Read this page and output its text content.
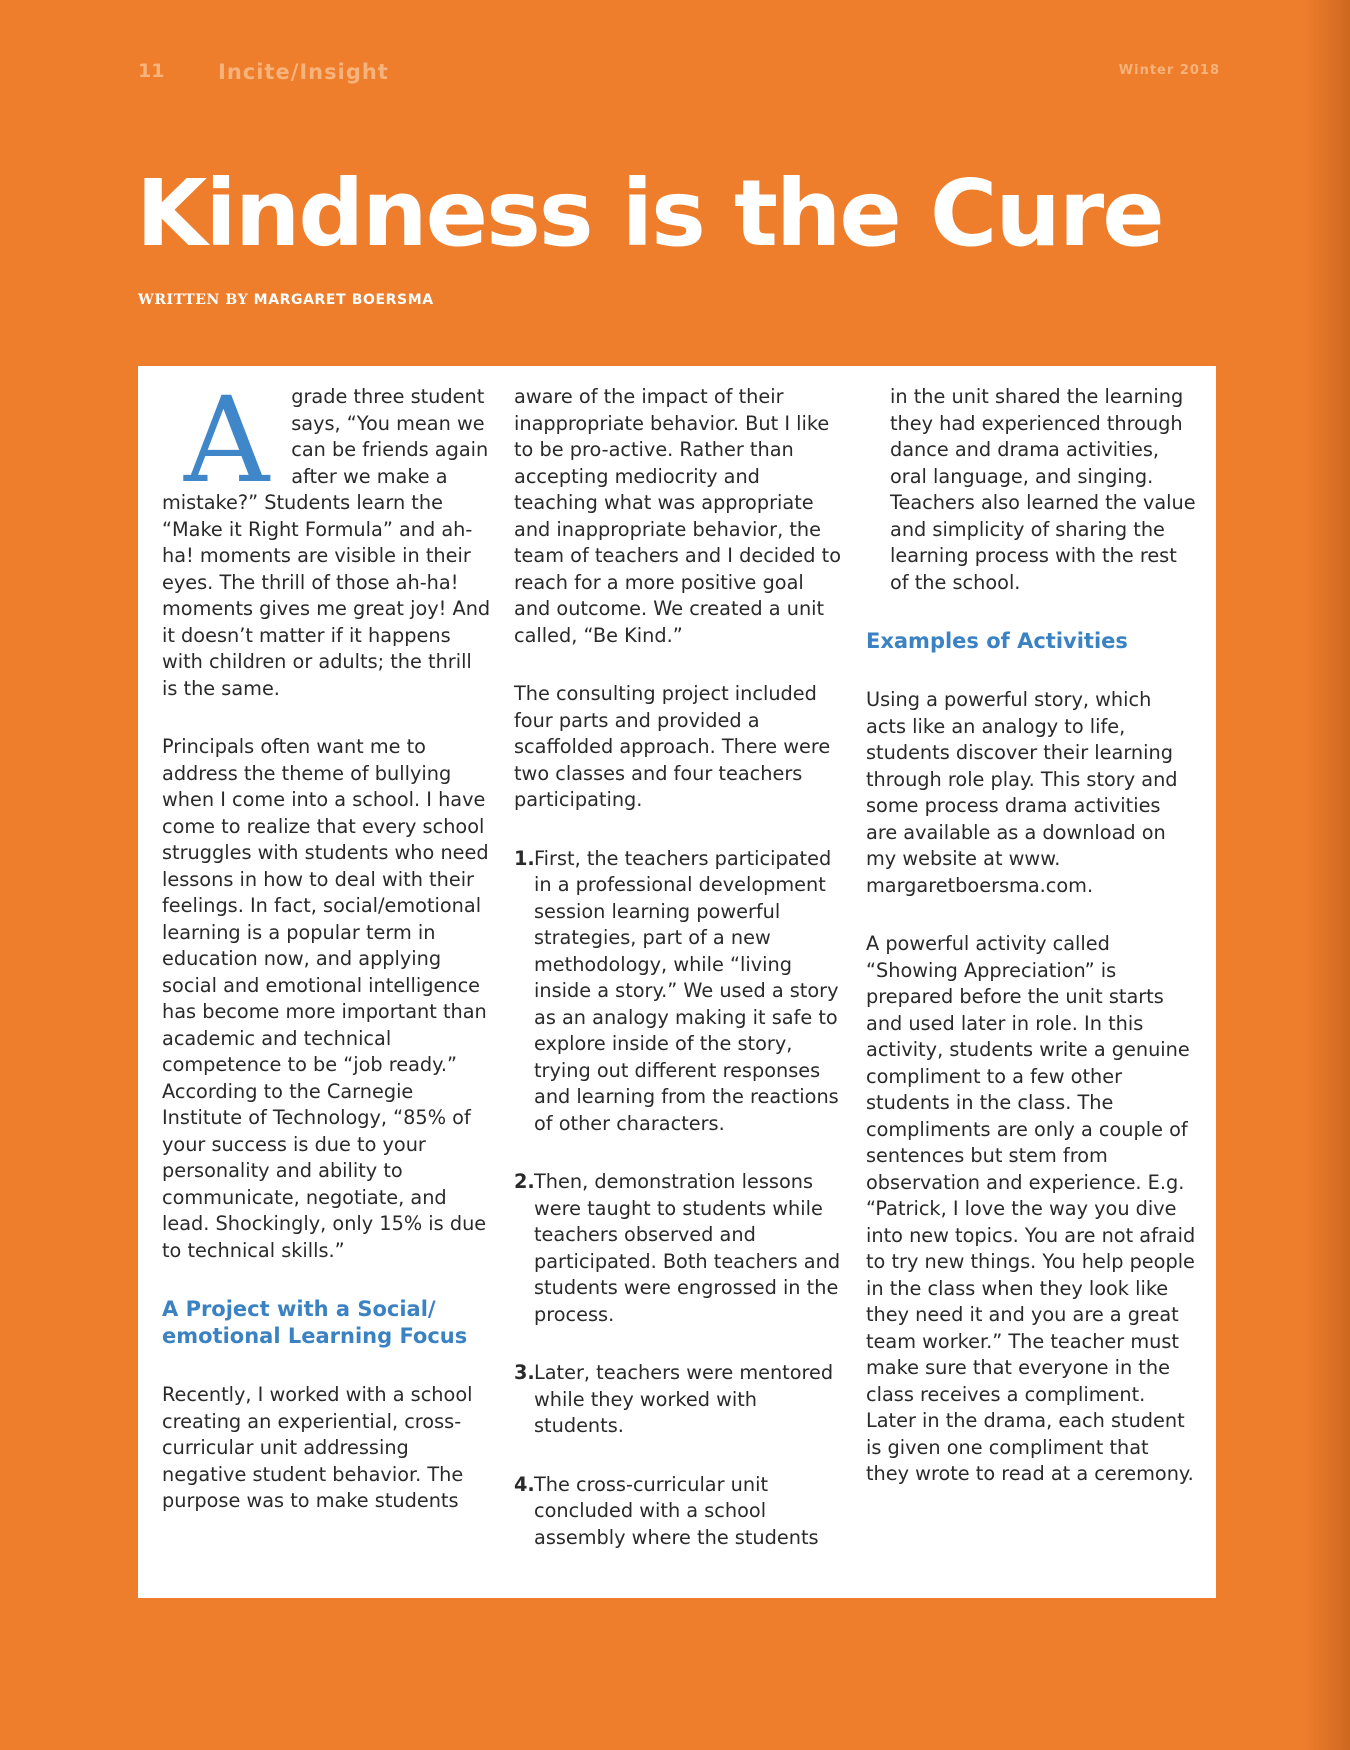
11	Incite/Insight	Winter 2018
Kindness is the Cure
WRITTEN BY MARGARET BOERSMA

A grade three student says, “You mean we can be friends again after we make a mistake?” Students learn the “Make it Right Formula” and ah-ha! moments are visible in their eyes. The thrill of those ah-ha! moments gives me great joy! And it doesn’t matter if it happens with children or adults; the thrill is the same.

Principals often want me to address the theme of bullying when I come into a school. I have come to realize that every school struggles with students who need lessons in how to deal with their feelings. In fact, social/emotional learning is a popular term in education now, and applying social and emotional intelligence has become more important than academic and technical competence to be “job ready.” According to the Carnegie Institute of Technology, “85% of your success is due to your personality and ability to communicate, negotiate, and lead. Shockingly, only 15% is due to technical skills.”

A Project with a Social/ emotional Learning Focus

Recently, I worked with a school creating an experiential, cross-curricular unit addressing negative student behavior. The purpose was to make students

aware of the impact of their inappropriate behavior. But I like to be pro-active. Rather than accepting mediocrity and teaching what was appropriate and inappropriate behavior, the team of teachers and I decided to reach for a more positive goal and outcome. We created a unit called, “Be Kind.”

The consulting project included four parts and provided a scaffolded approach. There were two classes and four teachers participating.

1. First, the teachers participated in a professional development session learning powerful strategies, part of a new methodology, while “living inside a story.” We used a story as an analogy making it safe to explore inside of the story, trying out different responses and learning from the reactions of other characters.
2. Then, demonstration lessons were taught to students while teachers observed and participated. Both teachers and students were engrossed in the process.
3. Later, teachers were mentored while they worked with students.
4. The cross-curricular unit concluded with a school assembly where the students

in the unit shared the learning they had experienced through dance and drama activities, oral language, and singing. Teachers also learned the value and simplicity of sharing the learning process with the rest of the school.

Examples of Activities

Using a powerful story, which acts like an analogy to life, students discover their learning through role play. This story and some process drama activities are available as a download on my website at www. margaretboersma.com.

A powerful activity called “Showing Appreciation” is prepared before the unit starts and used later in role. In this activity, students write a genuine compliment to a few other students in the class. The compliments are only a couple of sentences but stem from observation and experience. E.g. “Patrick, I love the way you dive into new topics. You are not afraid to try new things. You help people in the class when they look like they need it and you are a great team worker.” The teacher must make sure that everyone in the class receives a compliment. Later in the drama, each student is given one compliment that they wrote to read at a ceremony.
